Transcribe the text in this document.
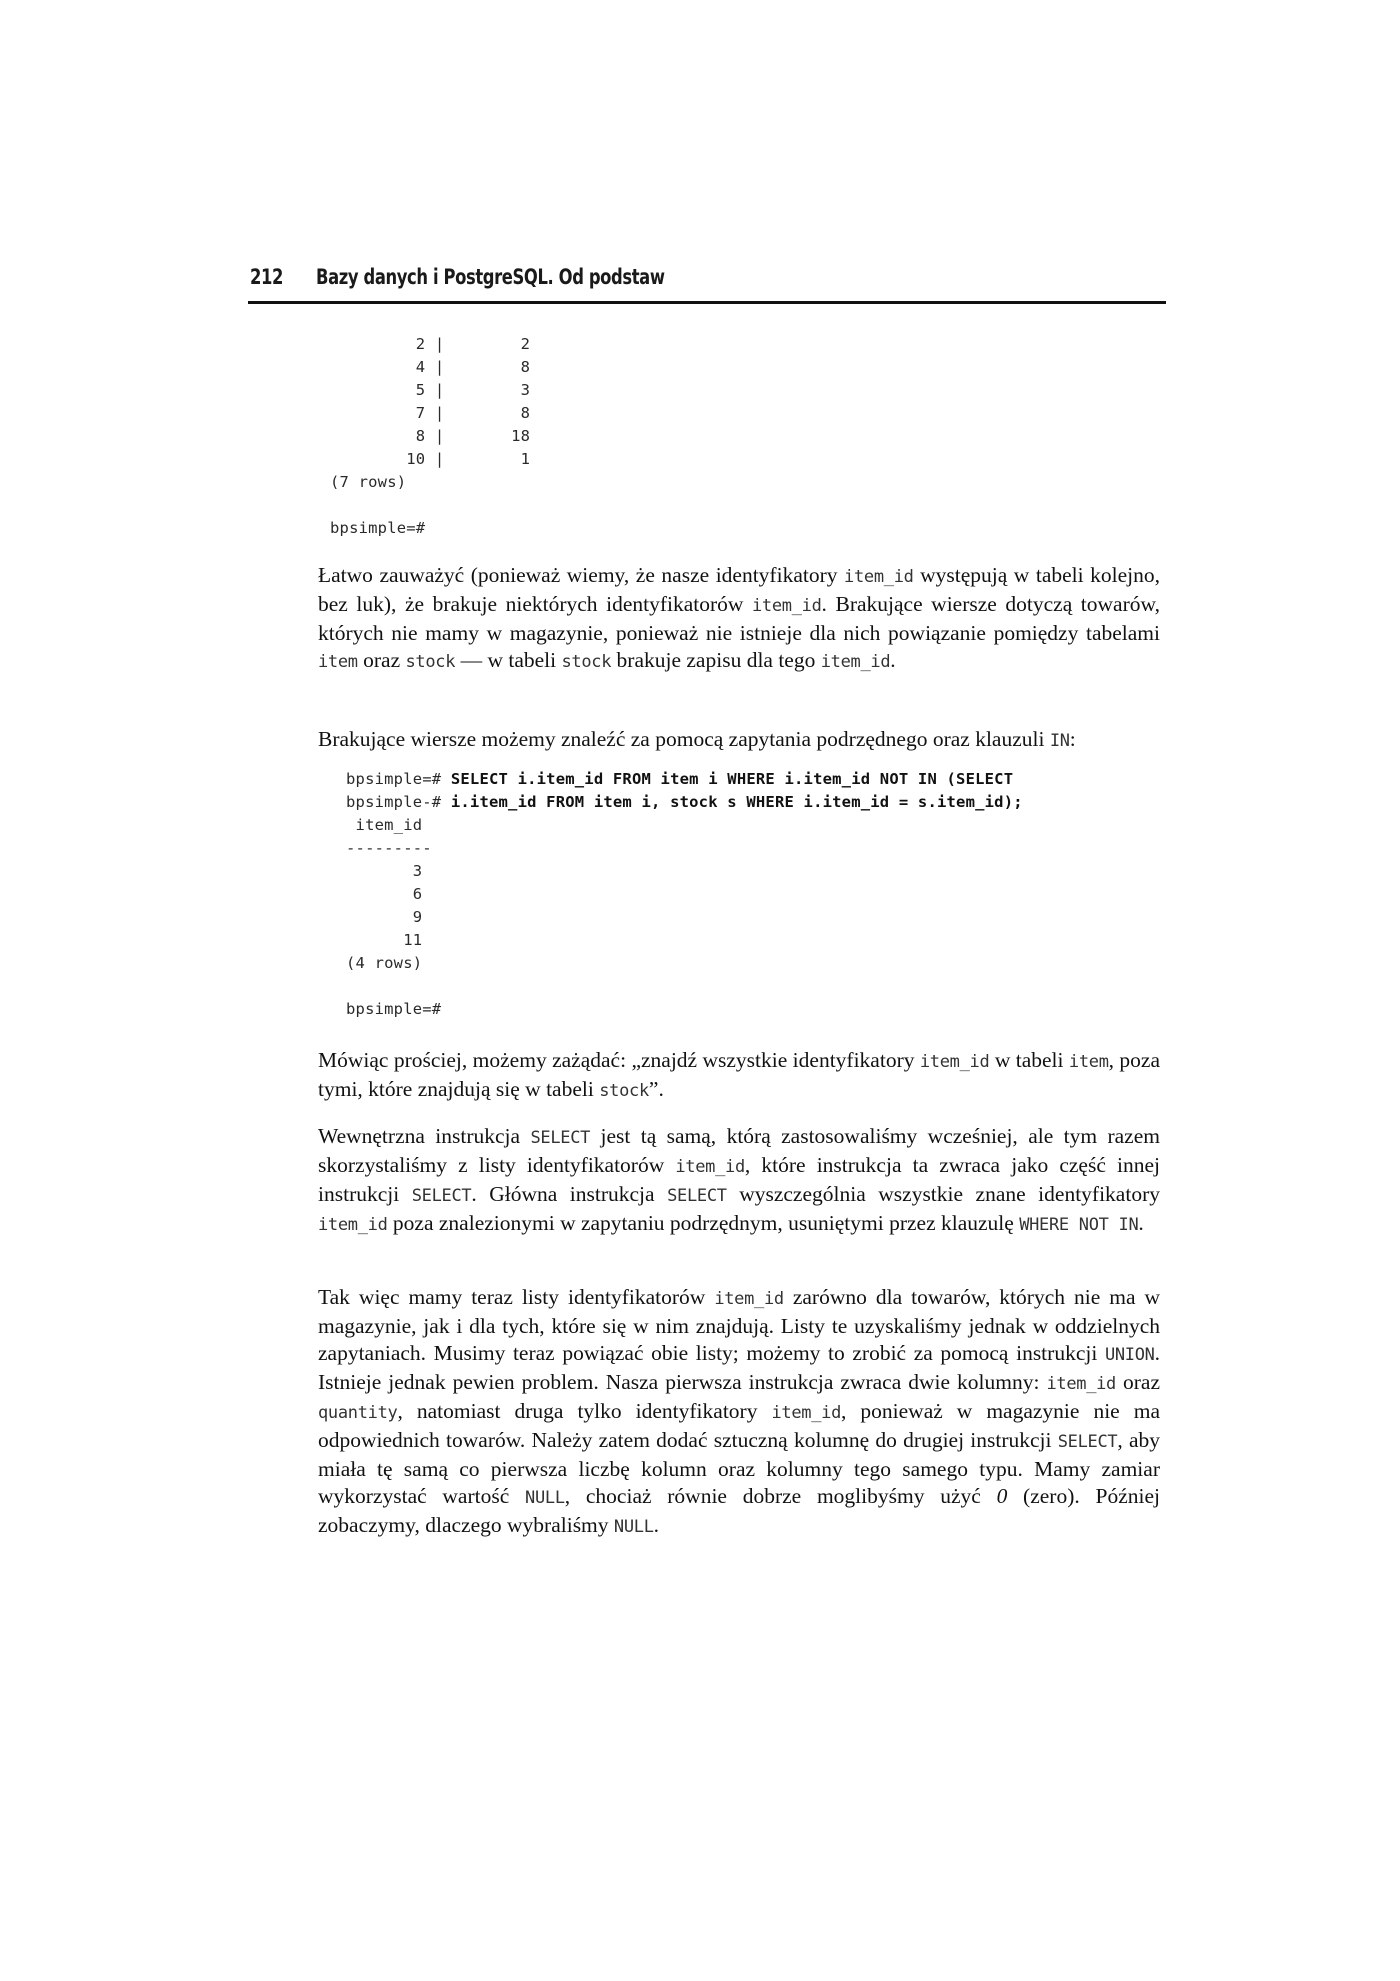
212 Bazy danych i PostgreSQL. Od podstaw
2 |        2
4 |        8
5 |        3
7 |        8
8 |       18
10 |        1
(7 rows)

bpsimple=#
Łatwo zauważyć (ponieważ wiemy, że nasze identyfikatory item_id występują w tabeli kolejno, bez luk), że brakuje niektórych identyfikatorów item_id. Brakujące wiersze dotyczą towarów, których nie mamy w magazynie, ponieważ nie istnieje dla nich powiązanie pomiędzy tabelami item oraz stock — w tabeli stock brakuje zapisu dla tego item_id.
Brakujące wiersze możemy znaleźć za pomocą zapytania podrzędnego oraz klauzuli IN:
bpsimple=# SELECT i.item_id FROM item i WHERE i.item_id NOT IN (SELECT
bpsimple-# i.item_id FROM item i, stock s WHERE i.item_id = s.item_id);
item_id
---------
3
6
9
11
(4 rows)

bpsimple=#
Mówiąc prościej, możemy zażądać: „znajdź wszystkie identyfikatory item_id w tabeli item, poza tymi, które znajdują się w tabeli stock”.
Wewnętrzna instrukcja SELECT jest tą samą, którą zastosowaliśmy wcześniej, ale tym razem skorzystaliśmy z listy identyfikatorów item_id, które instrukcja ta zwraca jako część innej instrukcji SELECT. Główna instrukcja SELECT wyszczególnia wszystkie znane identyfikatory item_id poza znalezionymi w zapytaniu podrzędnym, usuniętymi przez klauzulę WHERE NOT IN.
Tak więc mamy teraz listy identyfikatorów item_id zarówno dla towarów, których nie ma w magazynie, jak i dla tych, które się w nim znajdują. Listy te uzyskaliśmy jednak w oddzielnych zapytaniach. Musimy teraz powiązać obie listy; możemy to zrobić za pomocą instrukcji UNION. Istnieje jednak pewien problem. Nasza pierwsza instrukcja zwraca dwie kolumny: item_id oraz quantity, natomiast druga tylko identyfikatory item_id, ponieważ w magazynie nie ma odpowiednich towarów. Należy zatem dodać sztuczną kolumnę do drugiej instrukcji SELECT, aby miała tę samą co pierwsza liczbę kolumn oraz kolumny tego samego typu. Mamy zamiar wykorzystać wartość NULL, chociaż równie dobrze moglibyśmy użyć 0 (zero). Później zobaczymy, dlaczego wybraliśmy NULL.
